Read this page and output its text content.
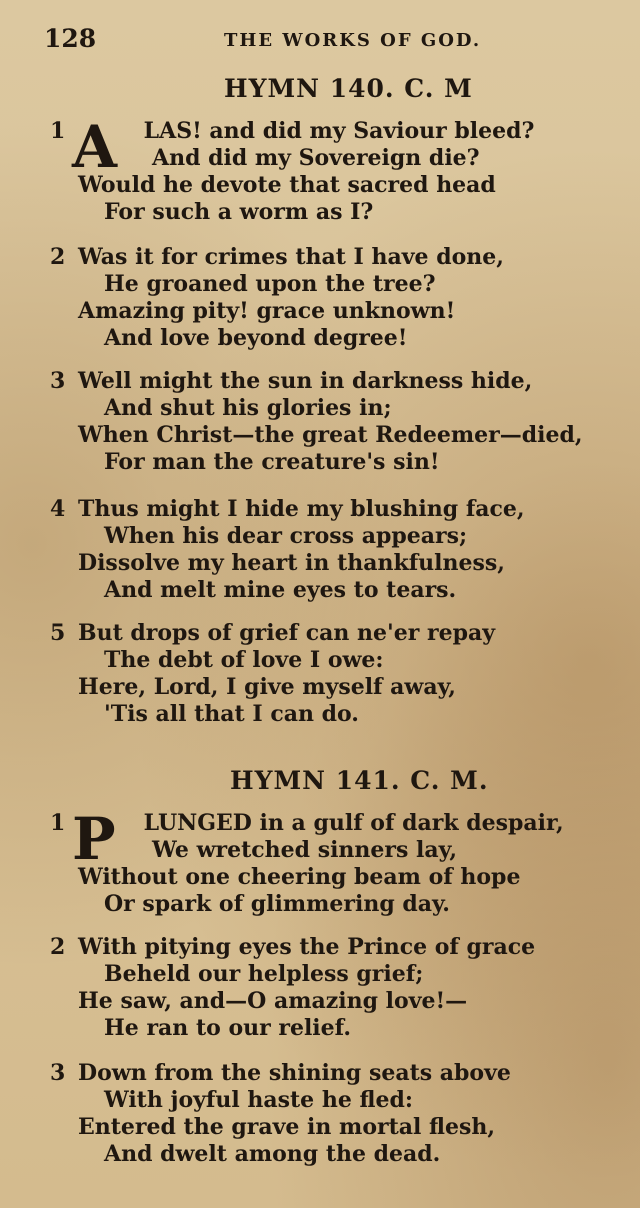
128	THE WORKS OF GOD.
HYMN 140. C. M
1 A LAS! and did my Saviour bleed?
And did my Sovereign die?
Would he devote that sacred head
For such a worm as I?
2 Was it for crimes that I have done,
He groaned upon the tree?
Amazing pity! grace unknown!
And love beyond degree!
3 Well might the sun in darkness hide,
And shut his glories in;
When Christ—the great Redeemer—died,
For man the creature's sin!
4 Thus might I hide my blushing face,
When his dear cross appears;
Dissolve my heart in thankfulness,
And melt mine eyes to tears.
5 But drops of grief can ne'er repay
The debt of love I owe:
Here, Lord, I give myself away,
'Tis all that I can do.
HYMN 141. C. M.
1 P LUNGED in a gulf of dark despair,
We wretched sinners lay,
Without one cheering beam of hope
Or spark of glimmering day.
2 With pitying eyes the Prince of grace
Beheld our helpless grief;
He saw, and—O amazing love!—
He ran to our relief.
3 Down from the shining seats above
With joyful haste he fled:
Entered the grave in mortal flesh,
And dwelt among the dead.
